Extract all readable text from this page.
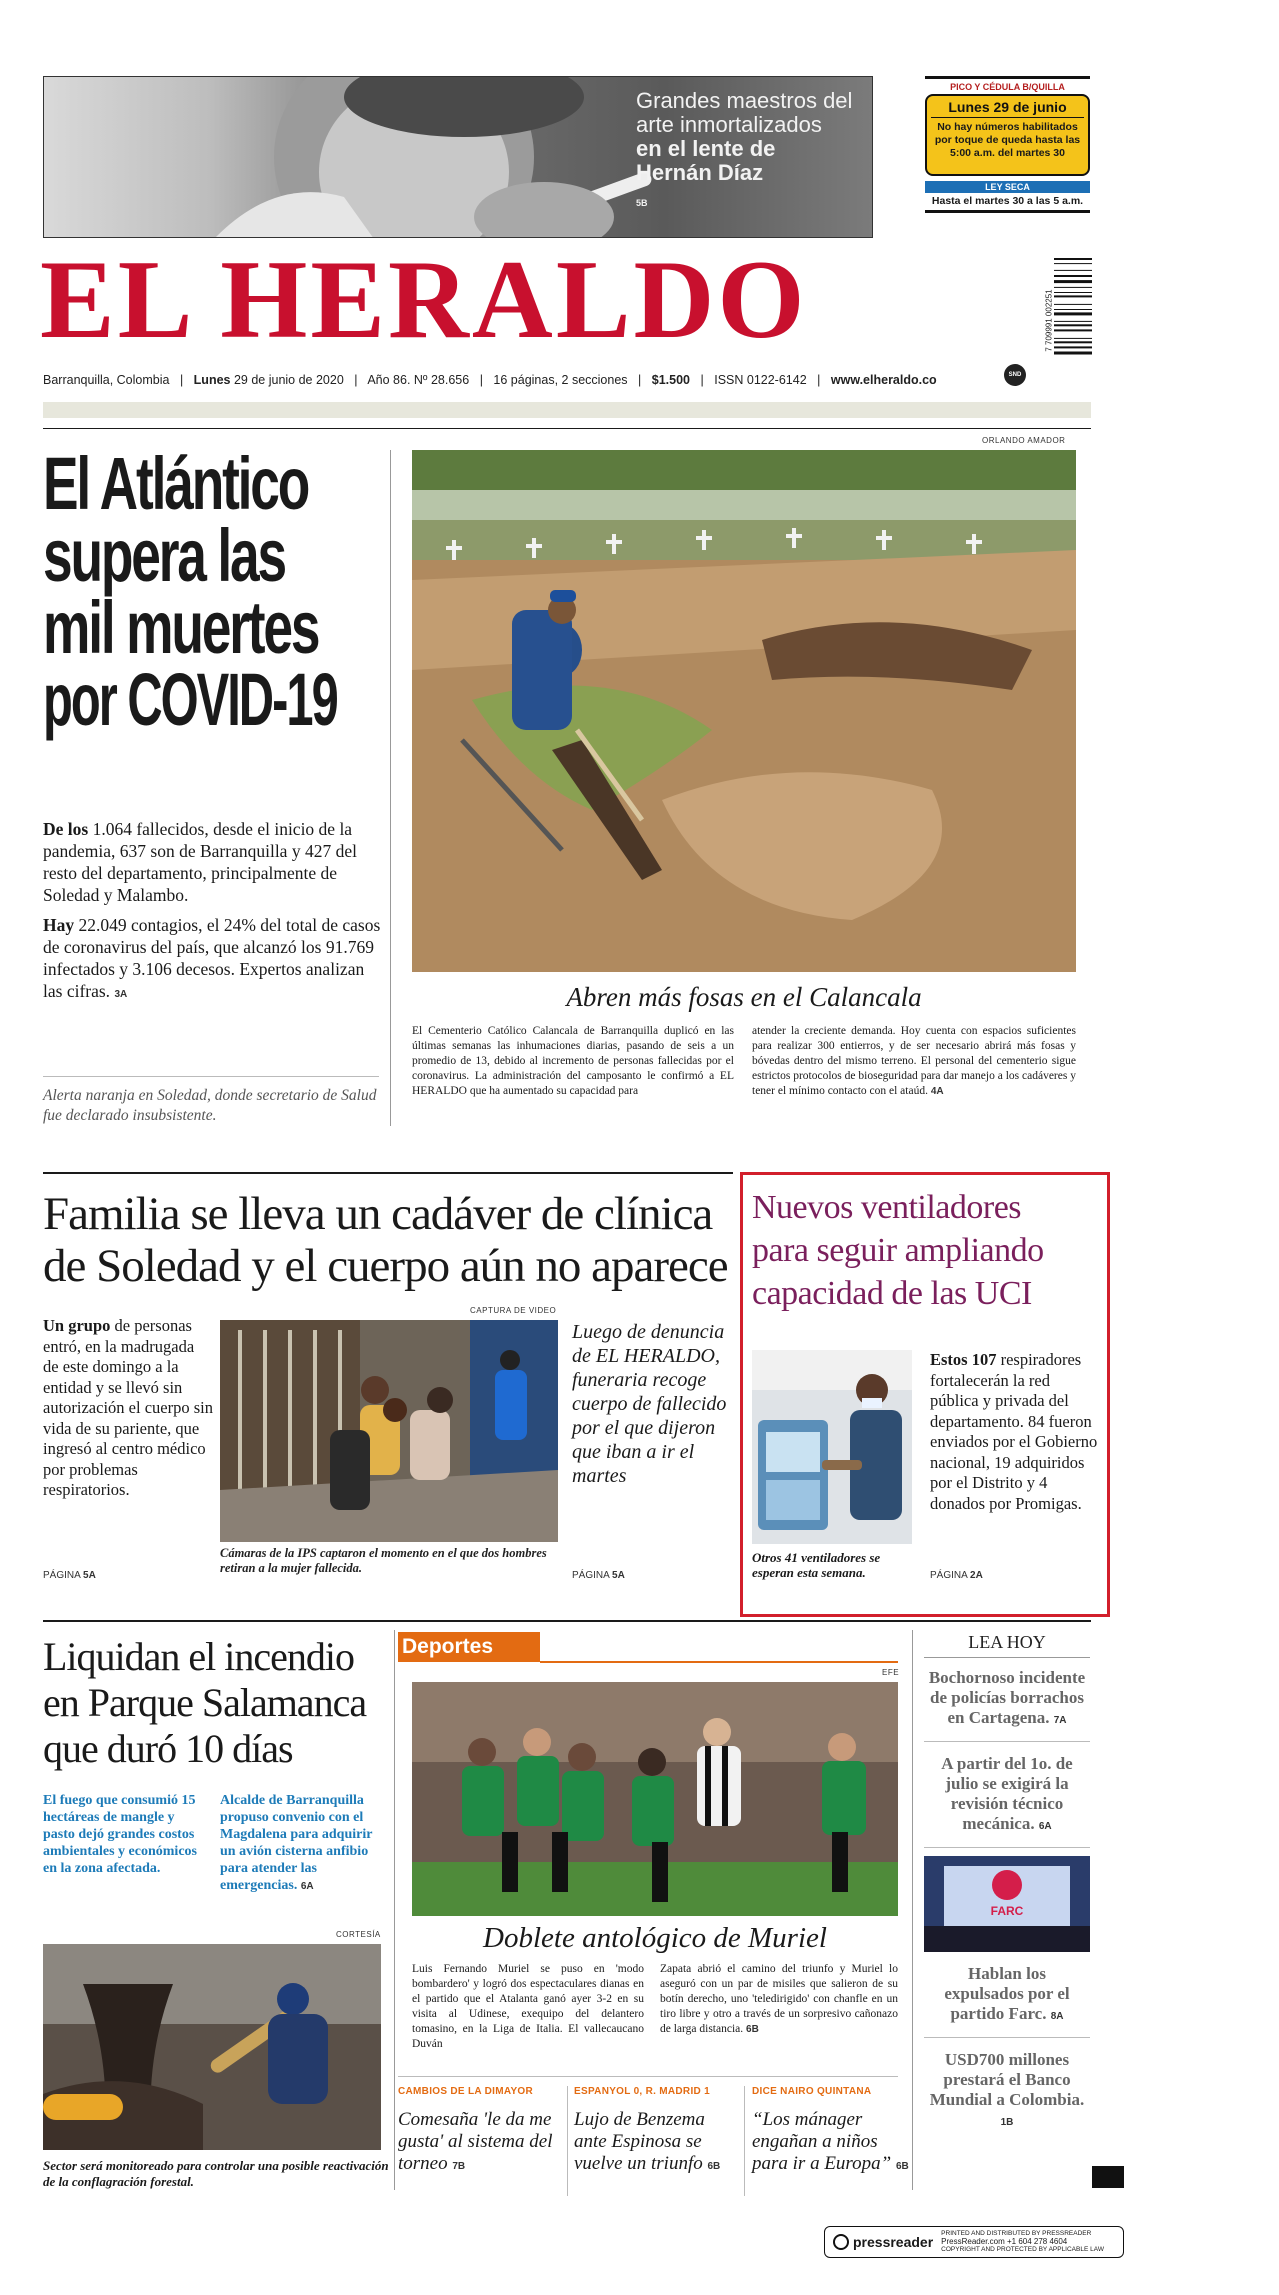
Grandes maestros del
arte inmortalizados
en el lente de
Hernán Díaz
5B
PICO Y CÉDULA B/QUILLA
Lunes 29 de junio
No hay números habilitados
por toque de queda hasta las
5:00 a.m. del martes 30
LEY SECA
Hasta el martes 30 a las 5 a.m.
EL HERALDO	7 709991 002251
Barranquilla, Colombia | Lunes 29 de junio de 2020 | Año 86. Nº 28.656 | 16 páginas, 2 secciones | $1.500 | ISSN 0122-6142 | www.elheraldo.co	SND
El Atlántico
supera las
mil muertes
por COVID-19

De los 1.064 fallecidos, desde el inicio de la pandemia, 637 son de Barranquilla y 427 del resto del departamento, principalmente de Soledad y Malambo.

Hay 22.049 contagios, el 24% del total de casos de coronavirus del país, que alcanzó los 91.769 infectados y 3.106 decesos. Expertos analizan las cifras. 3A

Alerta naranja en Soledad, donde secretario de Salud fue declarado insubsistente.
ORLANDO AMADOR
Abren más fosas en el Calancala
El Cementerio Católico Calancala de Barranquilla duplicó en las últimas semanas las inhumaciones diarias, pasando de seis a un promedio de 13, debido al incremento de personas fallecidas por el coronavirus. La administración del camposanto le confirmó a EL HERALDO que ha aumentado su capacidad para
atender la creciente demanda. Hoy cuenta con espacios suficientes para realizar 300 entierros, y de ser necesario abrirá más fosas y bóvedas dentro del mismo terreno. El personal del cementerio sigue estrictos protocolos de bioseguridad para dar manejo a los cadáveres y tener el mínimo contacto con el ataúd. 4A
Familia se lleva un cadáver de clínica
de Soledad y el cuerpo aún no aparece

Un grupo de personas entró, en la madrugada de este domingo a la entidad y se llevó sin autorización el cuerpo sin vida de su pariente, que ingresó al centro médico por problemas respiratorios.

PÁGINA 5A
CAPTURA DE VIDEO
Cámaras de la IPS captaron el momento en el que dos hombres retiran a la mujer fallecida.
Luego de denuncia de EL HERALDO, funeraria recoge cuerpo de fallecido por el que dijeron que iban a ir el martes
PÁGINA 5A
Nuevos ventiladores
para seguir ampliando
capacidad de las UCI
Otros 41 ventiladores se esperan esta semana.

Estos 107 respiradores fortalecerán la red pública y privada del departamento. 84 fueron enviados por el Gobierno nacional, 19 adquiridos por el Distrito y 4 donados por Promigas.

PÁGINA 2A
Liquidan el incendio
en Parque Salamanca
que duró 10 días
El fuego que consumió 15 hectáreas de mangle y pasto dejó grandes costos ambientales y económicos en la zona afectada.
Alcalde de Barranquilla propuso convenio con el Magdalena para adquirir un avión cisterna anfibio para atender las emergencias. 6A
CORTESÍA
Sector será monitoreado para controlar una posible reactivación de la conflagración forestal.
Deportes
EFE
Doblete antológico de Muriel
Luis Fernando Muriel se puso en 'modo bombardero' y logró dos espectaculares dianas en el partido que el Atalanta ganó ayer 3-2 en su visita al Udinese, exequipo del delantero tomasino, en la Liga de Italia. El vallecaucano Duván
Zapata abrió el camino del triunfo y Muriel lo aseguró con un par de misiles que salieron de su botín derecho, uno 'teledirigido' con chanfle en un tiro libre y otro a través de un sorpresivo cañonazo de larga distancia. 6B
CAMBIOS DE LA DIMAYOR
Comesaña 'le da me gusta' al sistema del torneo 7B
ESPANYOL 0, R. MADRID 1
Lujo de Benzema ante Espinosa se vuelve un triunfo 6B
DICE NAIRO QUINTANA
“Los mánager engañan a niños para ir a Europa” 6B
LEA HOY
Bochornoso incidente de policías borrachos en Cartagena. 7A
A partir del 1o. de julio se exigirá la revisión técnico mecánica. 6A
FARC
Hablan los expulsados por el partido Farc. 8A
USD700 millones prestará el Banco Mundial a Colombia. 1B
pressreader
PRINTED AND DISTRIBUTED BY PRESSREADER
PressReader.com +1 604 278 4604
COPYRIGHT AND PROTECTED BY APPLICABLE LAW
